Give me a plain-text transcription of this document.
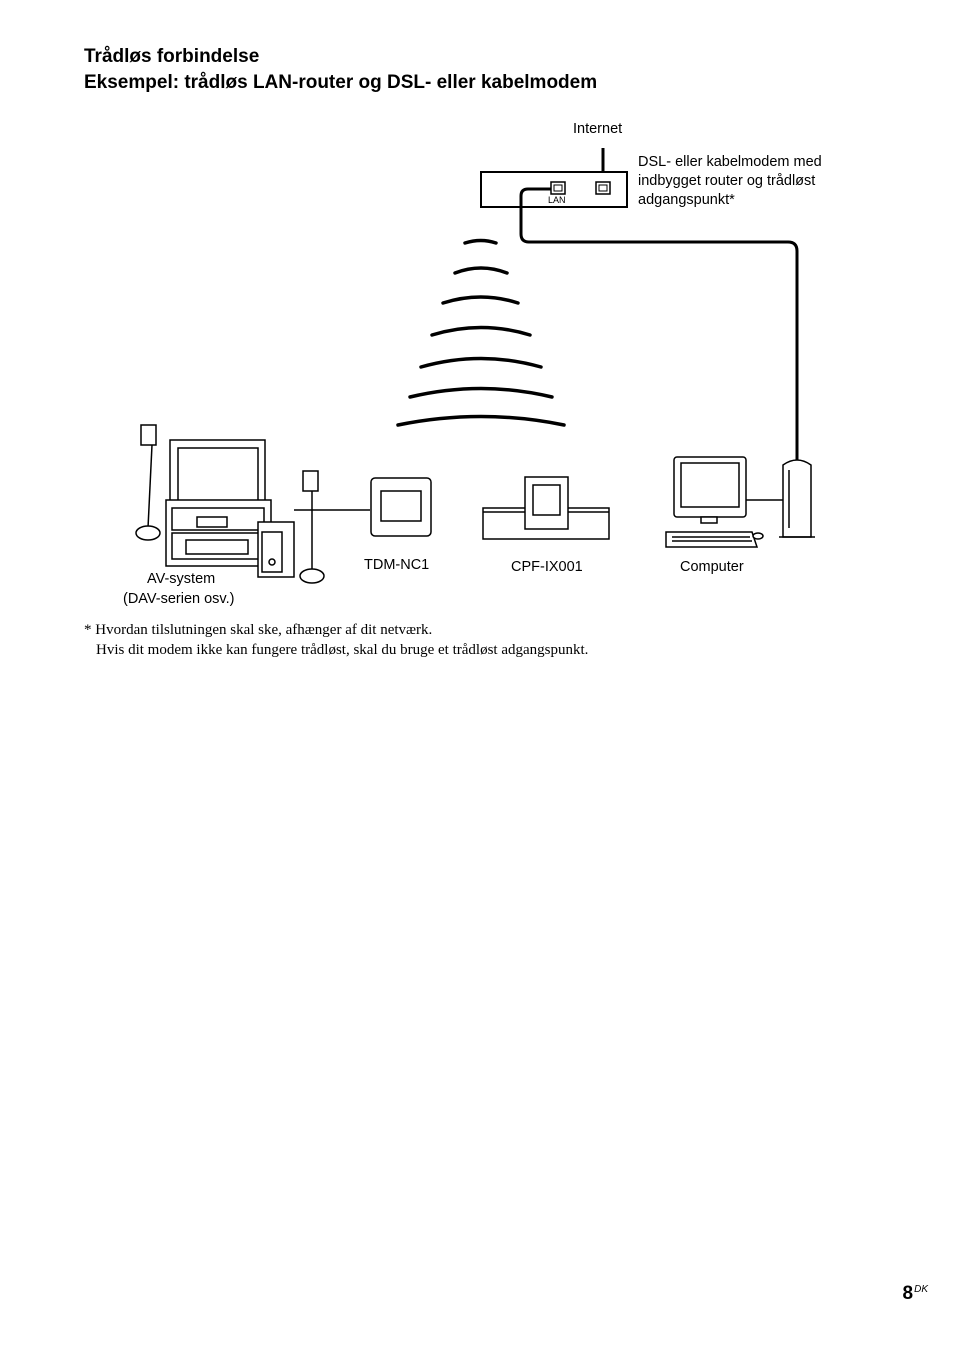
Trådløs forbindelse
Eksempel: trådløs LAN-router og DSL- eller kabelmodem
Internet
DSL- eller kabelmodem med
indbygget router og trådløst
adgangspunkt*
LAN
AV-system
(DAV-serien osv.)
TDM-NC1	CPF-IX001	Computer
* Hvordan tilslutningen skal ske, afhænger af dit netværk.
Hvis dit modem ikke kan fungere trådløst, skal du bruge et trådløst adgangspunkt.
$8^{DK}$
